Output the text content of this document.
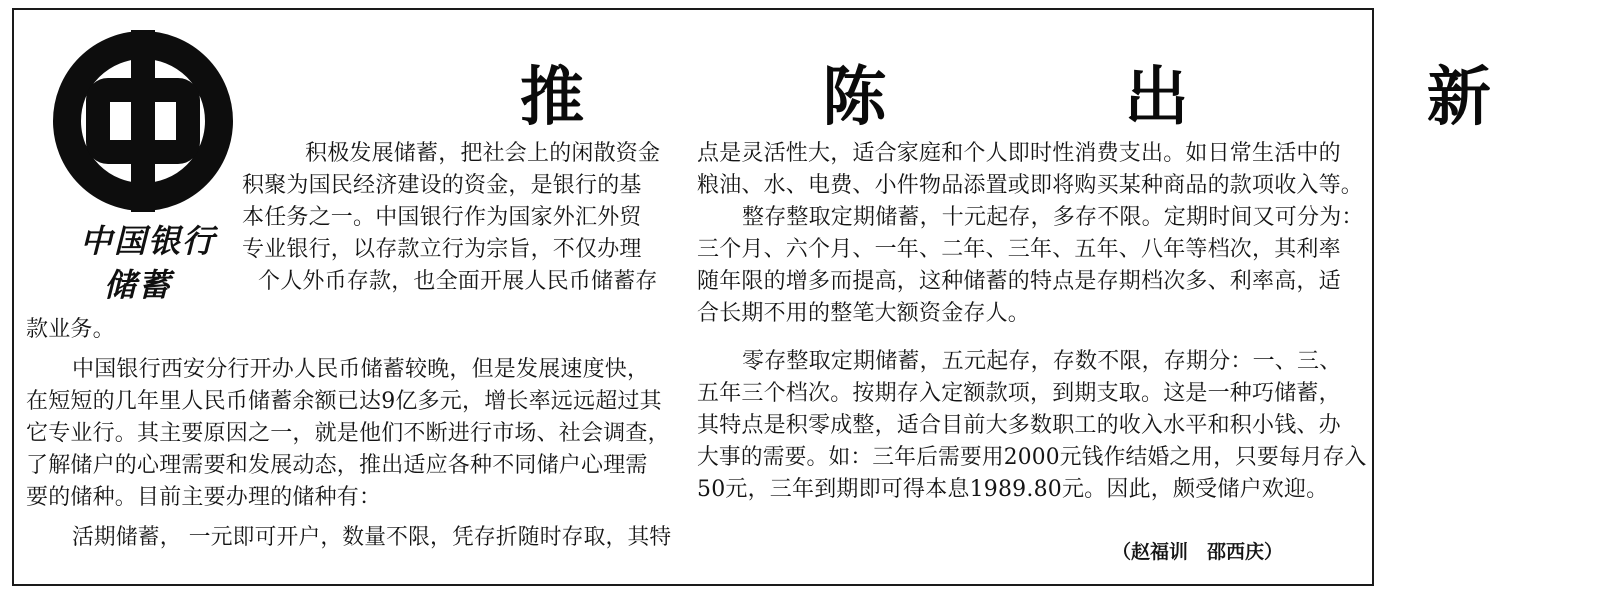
中国银行
储蓄
推 陈 出 新
积极发展储蓄，把社会上的闲散资金
积聚为国民经济建设的资金，是银行的基
本任务之一。中国银行作为国家外汇外贸
专业银行，以存款立行为宗旨，不仅办理
个人外币存款，也全面开展人民币储蓄存
款业务。
中国银行西安分行开办人民币储蓄较晚，但是发展速度快，
在短短的几年里人民币储蓄余额已达9亿多元，增长率远远超过其
它专业行。其主要原因之一，就是他们不断进行市场、社会调查，
了解储户的心理需要和发展动态，推出适应各种不同储户心理需
要的储种。目前主要办理的储种有：
活期储蓄， 一元即可开户，数量不限，凭存折随时存取，其特
点是灵活性大，适合家庭和个人即时性消费支出。如日常生活中的
粮油、水、电费、小件物品添置或即将购买某种商品的款项收入等。
整存整取定期储蓄，十元起存，多存不限。定期时间又可分为：
三个月、六个月、一年、二年、三年、五年、八年等档次，其利率
随年限的增多而提高，这种储蓄的特点是存期档次多、利率高，适
合长期不用的整笔大额资金存人。
零存整取定期储蓄，五元起存，存数不限，存期分：一、三、
五年三个档次。按期存入定额款项，到期支取。这是一种巧储蓄，
其特点是积零成整，适合目前大多数职工的收入水平和积小钱、办
大事的需要。如：三年后需要用2000元钱作结婚之用，只要每月存入
50元，三年到期即可得本息1989.80元。因此，颇受储户欢迎。
（赵福训　邵西庆）
